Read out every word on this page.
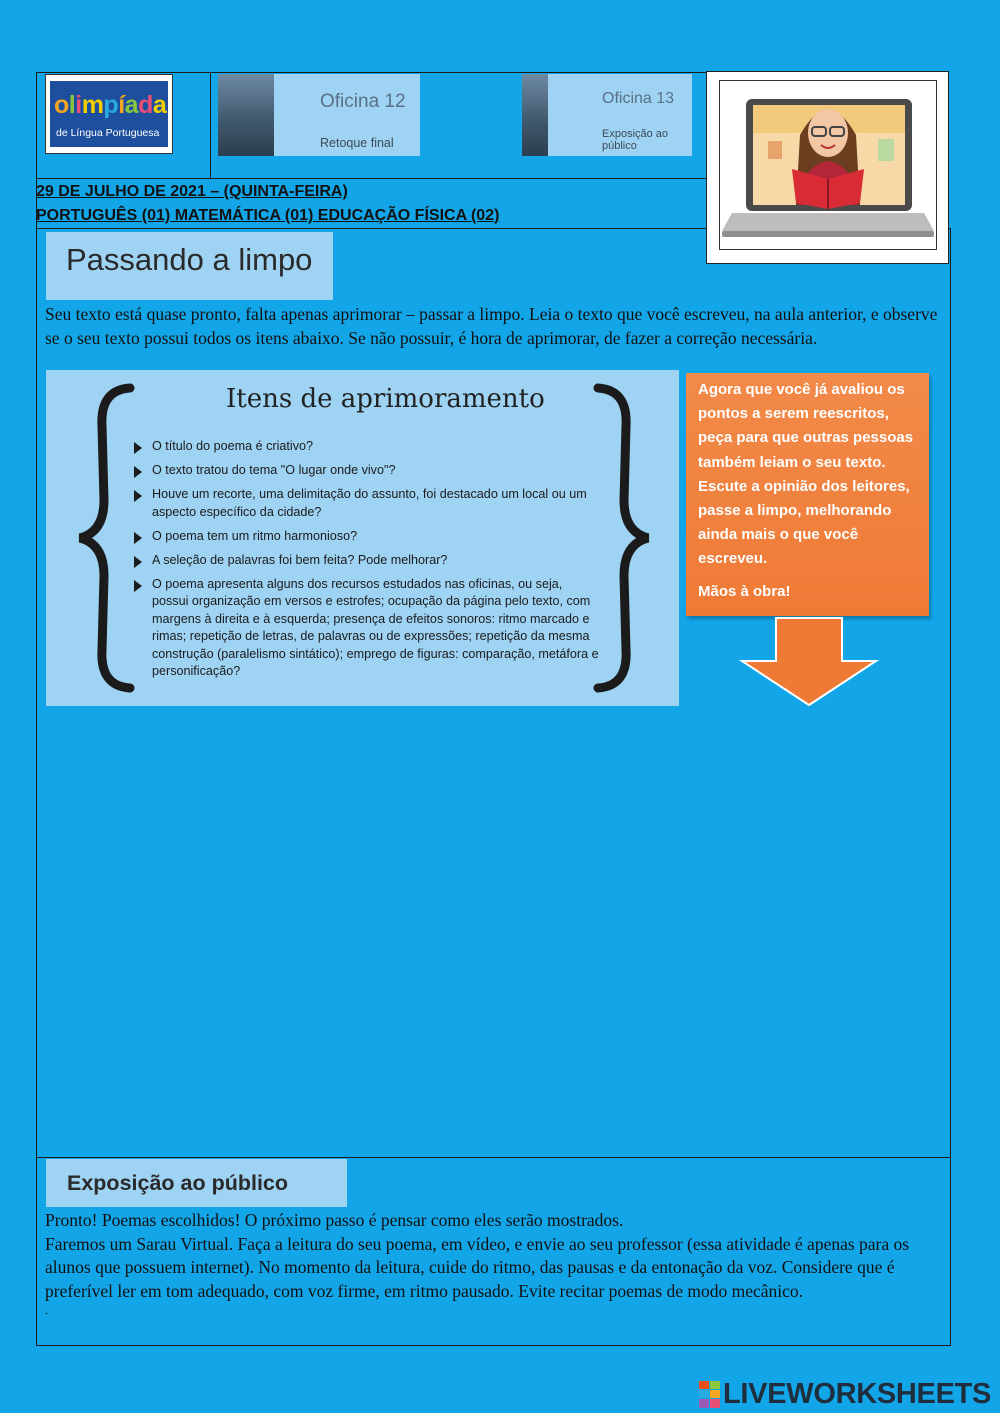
olimpíada
de Língua Portuguesa
Oficina 12
Retoque final
Oficina 13
Exposição ao
público
29 DE JULHO DE 2021 – (QUINTA-FEIRA)
PORTUGUÊS (01) MATEMÁTICA (01) EDUCAÇÃO FÍSICA (02)
Passando a limpo
Seu texto está quase pronto, falta apenas aprimorar – passar a limpo. Leia o texto que você escreveu, na aula anterior, e observe se o seu texto possui todos os itens abaixo. Se não possuir, é hora de aprimorar, de fazer a correção necessária.
Itens de aprimoramento
O título do poema é criativo?
O texto tratou do tema "O lugar onde vivo"?
Houve um recorte, uma delimitação do assunto, foi destacado um local ou um aspecto específico da cidade?
O poema tem um ritmo harmonioso?
A seleção de palavras foi bem feita? Pode melhorar?
O poema apresenta alguns dos recursos estudados nas oficinas, ou seja, possui organização em versos e estrofes; ocupação da página pelo texto, com margens à direita e à esquerda; presença de efeitos sonoros: ritmo marcado e rimas; repetição de letras, de palavras ou de expressões; repetição da mesma construção (paralelismo sintático); emprego de figuras: comparação, metáfora e personificação?

Agora que você já avaliou os pontos a serem reescritos, peça para que outras pessoas também leiam o seu texto. Escute a opinião dos leitores, passe a limpo, melhorando ainda mais o que você escreveu.

Mãos à obra!

Exposição ao público
Pronto! Poemas escolhidos! O próximo passo é pensar como eles serão mostrados.
Faremos um Sarau Virtual. Faça a leitura do seu poema, em vídeo, e envie ao seu professor (essa atividade é apenas para os alunos que possuem internet). No momento da leitura, cuide do ritmo, das pausas e da entonação da voz. Considere que é preferível ler em tom adequado, com voz firme, em ritmo pausado. Evite recitar poemas de modo mecânico.
.
LIVEWORKSHEETS
